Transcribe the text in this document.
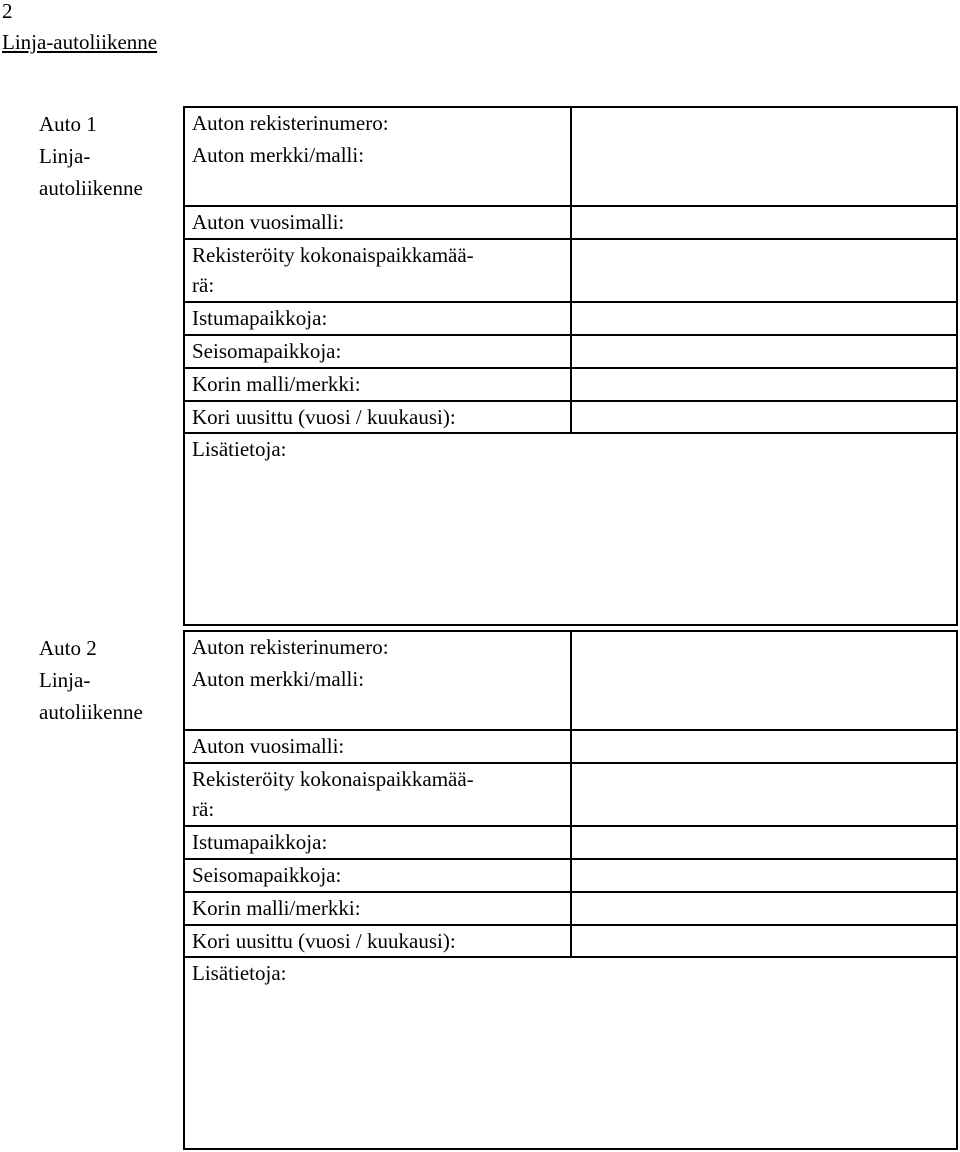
2
Linja-autoliikenne
Auto 1
Linja-
autoliikenne
Auton rekisterinumero:	
Auton merkki/malli:	
Auton vuosimalli:	

Rekisteröity kokonaispaikkamää-
rä:	

Istumapaikkoja:	
Seisomapaikkoja:	
Korin malli/merkki:	
Kori uusittu (vuosi / kuukausi):	
Lisätietoja:	
Auto 2
Linja-
autoliikenne
Auton rekisterinumero:	
Auton merkki/malli:	
Auton vuosimalli:	

Rekisteröity kokonaispaikkamää-
rä:	

Istumapaikkoja:	
Seisomapaikkoja:	
Korin malli/merkki:	
Kori uusittu (vuosi / kuukausi):	
Lisätietoja:	
